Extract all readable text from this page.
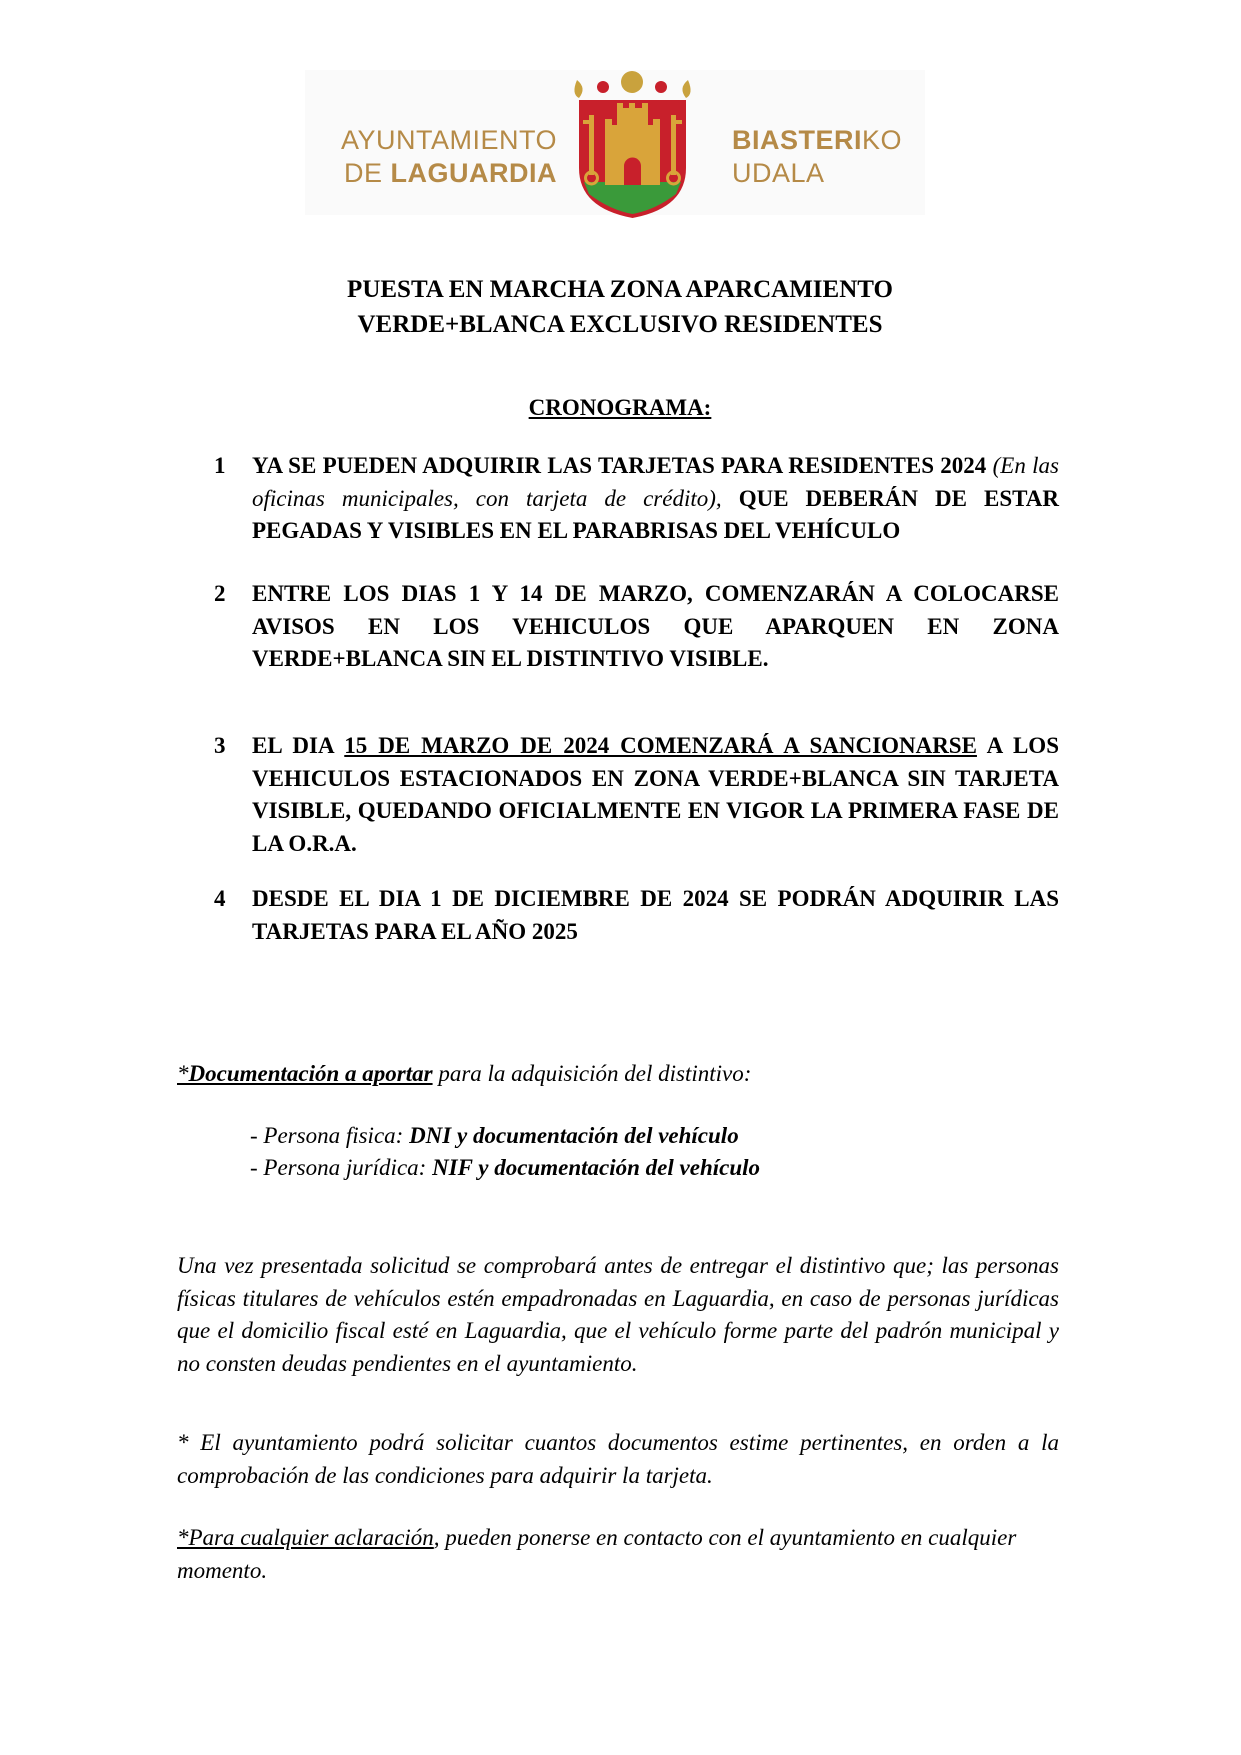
AYUNTAMIENTO
DE LAGUARDIA
BIASTERIKO
UDALA
PUESTA EN MARCHA ZONA APARCAMIENTO
VERDE+BLANCA EXCLUSIVO RESIDENTES
CRONOGRAMA:
1 YA SE PUEDEN ADQUIRIR LAS TARJETAS PARA RESIDENTES 2024 (En las oficinas municipales, con tarjeta de crédito), QUE DEBERÁN DE ESTAR PEGADAS Y VISIBLES EN EL PARABRISAS DEL VEHÍCULO
2 ENTRE LOS DIAS 1 Y 14 DE MARZO, COMENZARÁN A COLOCARSE AVISOS EN LOS VEHICULOS QUE APARQUEN EN ZONA VERDE+BLANCA SIN EL DISTINTIVO VISIBLE.
3 EL DIA 15 DE MARZO DE 2024 COMENZARÁ A SANCIONARSE A LOS VEHICULOS ESTACIONADOS EN ZONA VERDE+BLANCA SIN TARJETA VISIBLE, QUEDANDO OFICIALMENTE EN VIGOR LA PRIMERA FASE DE LA O.R.A.
4 DESDE EL DIA 1 DE DICIEMBRE DE 2024 SE PODRÁN ADQUIRIR LAS TARJETAS PARA EL AÑO 2025
*Documentación a aportar para la adquisición del distintivo:
- Persona fisica: DNI y documentación del vehículo
- Persona jurídica: NIF y documentación del vehículo
Una vez presentada solicitud se comprobará antes de entregar el distintivo que; las personas físicas titulares de vehículos estén empadronadas en Laguardia, en caso de personas jurídicas que el domicilio fiscal esté en Laguardia, que el vehículo forme parte del padrón municipal y no consten deudas pendientes en el ayuntamiento.
* El ayuntamiento podrá solicitar cuantos documentos estime pertinentes, en orden a la comprobación de las condiciones para adquirir la tarjeta.
*Para cualquier aclaración, pueden ponerse en contacto con el ayuntamiento en cualquier momento.
